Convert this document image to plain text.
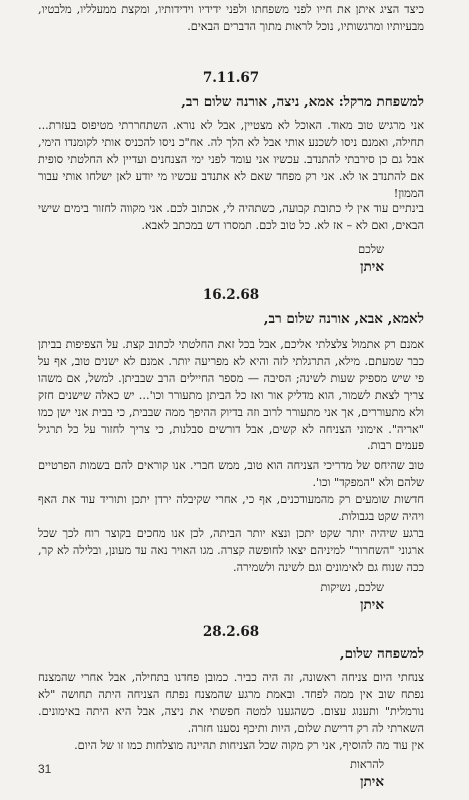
כיצד הציג איתן את חייו לפני משפחתו ולפני ידידיו וידידותיו, ומקצת ממעלליו, מלבטיו, מבעיותיו ומרגשותיו, נוכל לראות מתוך הדברים הבאים.

7.11.67

למשפחת מרקל: אמא, ניצה, אורנה שלום רב,

אני מרגיש טוב מאוד. האוכל לא מצטיין, אבל לא נורא. השתחררתי מטיפוס בעזרת... תחילה, ואמנם ניסו לשכנע אותי אבל לא הלך לה. אח"כ ניסו להכניס אותי לקומנדו הימי, אבל גם כן סירבתי להתנדב. עכשיו אני עומד לפני ימי הצנחנים ועדיין לא החלטתי סופית אם להתנדב או לא. אני רק מפחד שאם לא אתנדב עכשיו מי יודע לאן ישלחו אותי עבור הממון!

בינתיים עוד אין לי כתובת קבועה, כשתהיה לי, אכתוב לכם. אני מקווה לחזור בימים שישי הבאים, ואם לא – אז לא. כל טוב לכם. תמסרו דש במכתב לאבא.

שלכם

איתן

16.2.68

לאמא, אבא, אורנה שלום רב,

אמנם רק אתמול צלצלתי אליכם, אבל בכל זאת החלטתי לכתוב קצת. על הצפיפות בביתן כבר שמעתם. מילא, התרגלתי לזה והיא לא מפריעה יותר. אמנם לא ישנים טוב, אף על פי שיש מספיק שעות לשינה; הסיבה — מספר החיילים הרב שבביתן. למשל, אם משהו צריך לצאת לשמור, הוא מדליק אור ואז כל הביתן מתעורר וכו'... יש כאלה שישנים חזק ולא מתעוררים, אך אני מתעורר לרוב וזה בדיוק ההיפך ממה שבבית, כי בבית אני ישן כמו "אריה". אימוני הצניחה לא קשים, אבל דורשים סבלנות, כי צריך לחזור על כל תרגיל פעמים רבות.

טוב שהיחס של מדריכי הצניחה הוא טוב, ממש חברי. אנו קוראים להם בשמות הפרטיים שלהם ולא "המפקד" וכו'.

חדשות שומעים רק מהמעודכנים, אף כי, אחרי שקיבלה ירדן יתכן ותוריד עוד את האף ויהיה שקט בגבולות.

ברגע שיהיה יותר שקט יתכן ונצא יותר הביתה, לכן אנו מחכים בקוצר רוח לכך שכל ארגוני "השחרור" למיניהם יצאו לחופשה קצרה. מגו האויר נאה עד מעונן, ובלילה לא קר, ככה שנוח גם לאימונים וגם לשינה ולשמירה.

שלכם, נשיקות

איתן

28.2.68

למשפחה שלום,

צנחתי היום צניחה ראשונה, זה היה כביר. כמובן פחדנו בתחילה, אבל אחרי שהמצנח נפתח שוב אין ממה לפחד. ובאמת מרגע שהמצנח נפתח הצניחה היתה תחושה "לא נורמלית" ותענוג עצום. כשהגענו למטה חפשתי את ניצה, אבל היא היתה באימונים. השארתי לה רק דרישת שלום, היות ותיכף נסענו חזרה.

אין עוד מה להוסיף, אני רק מקוה שכל הצניחות תהיינה מוצלחות כמו זו של היום.

להראות

איתן

31
